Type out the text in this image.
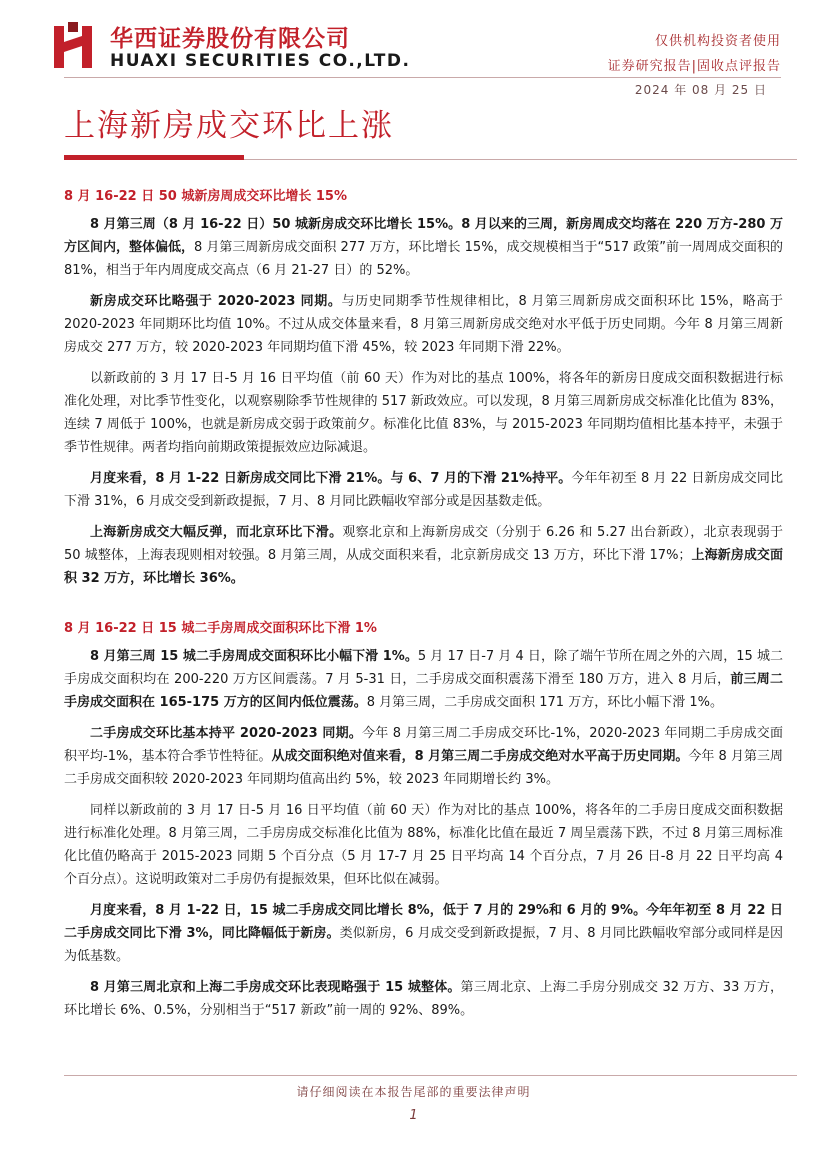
华西证券股份有限公司
HUAXI SECURITIES CO.,LTD.
仅供机构投资者使用
证券研究报告|固收点评报告
2024 年 08 月 25 日
上海新房成交环比上涨
8 月 16-22 日 50 城新房周成交环比增长 15%

8 月第三周（8 月 16-22 日）50 城新房成交环比增长 15%。8 月以来的三周，新房周成交均落在 220 万方-280 万方区间内，整体偏低，8 月第三周新房成交面积 277 万方，环比增长 15%，成交规模相当于“517 政策”前一周周成交面积的 81%，相当于年内周度成交高点（6 月 21-27 日）的 52%。

新房成交环比略强于 2020-2023 同期。与历史同期季节性规律相比，8 月第三周新房成交面积环比 15%，略高于 2020-2023 年同期环比均值 10%。不过从成交体量来看，8 月第三周新房成交绝对水平低于历史同期。今年 8 月第三周新房成交 277 万方，较 2020-2023 年同期均值下滑 45%，较 2023 年同期下滑 22%。

以新政前的 3 月 17 日-5 月 16 日平均值（前 60 天）作为对比的基点 100%，将各年的新房日度成交面积数据进行标准化处理，对比季节性变化，以观察剔除季节性规律的 517 新政效应。可以发现，8 月第三周新房成交标准化比值为 83%，连续 7 周低于 100%，也就是新房成交弱于政策前夕。标准化比值 83%，与 2015-2023 年同期均值相比基本持平，未强于季节性规律。两者均指向前期政策提振效应边际减退。

月度来看，8 月 1-22 日新房成交同比下滑 21%。与 6、7 月的下滑 21%持平。今年年初至 8 月 22 日新房成交同比下滑 31%，6 月成交受到新政提振，7 月、8 月同比跌幅收窄部分或是因基数走低。

上海新房成交大幅反弹，而北京环比下滑。观察北京和上海新房成交（分别于 6.26 和 5.27 出台新政），北京表现弱于 50 城整体，上海表现则相对较强。8 月第三周，从成交面积来看，北京新房成交 13 万方，环比下滑 17%；上海新房成交面积 32 万方，环比增长 36%。

8 月 16-22 日 15 城二手房周成交面积环比下滑 1%

8 月第三周 15 城二手房周成交面积环比小幅下滑 1%。5 月 17 日-7 月 4 日，除了端午节所在周之外的六周，15 城二手房成交面积均在 200-220 万方区间震荡。7 月 5-31 日，二手房成交面积震荡下滑至 180 万方，进入 8 月后，前三周二手房成交面积在 165-175 万方的区间内低位震荡。8 月第三周，二手房成交面积 171 万方，环比小幅下滑 1%。

二手房成交环比基本持平 2020-2023 同期。今年 8 月第三周二手房成交环比-1%，2020-2023 年同期二手房成交面积平均-1%，基本符合季节性特征。从成交面积绝对值来看，8 月第三周二手房成交绝对水平高于历史同期。今年 8 月第三周二手房成交面积较 2020-2023 年同期均值高出约 5%，较 2023 年同期增长约 3%。

同样以新政前的 3 月 17 日-5 月 16 日平均值（前 60 天）作为对比的基点 100%，将各年的二手房日度成交面积数据进行标准化处理。8 月第三周，二手房房成交标准化比值为 88%，标准化比值在最近 7 周呈震荡下跌，不过 8 月第三周标准化比值仍略高于 2015-2023 同期 5 个百分点（5 月 17-7 月 25 日平均高 14 个百分点，7 月 26 日-8 月 22 日平均高 4 个百分点）。这说明政策对二手房仍有提振效果，但环比似在减弱。

月度来看，8 月 1-22 日，15 城二手房成交同比增长 8%，低于 7 月的 29%和 6 月的 9%。今年年初至 8 月 22 日二手房成交同比下滑 3%，同比降幅低于新房。类似新房，6 月成交受到新政提振，7 月、8 月同比跌幅收窄部分或同样是因为低基数。

8 月第三周北京和上海二手房成交环比表现略强于 15 城整体。第三周北京、上海二手房分别成交 32 万方、33 万方，环比增长 6%、0.5%，分别相当于“517 新政”前一周的 92%、89%。

请仔细阅读在本报告尾部的重要法律声明
1
